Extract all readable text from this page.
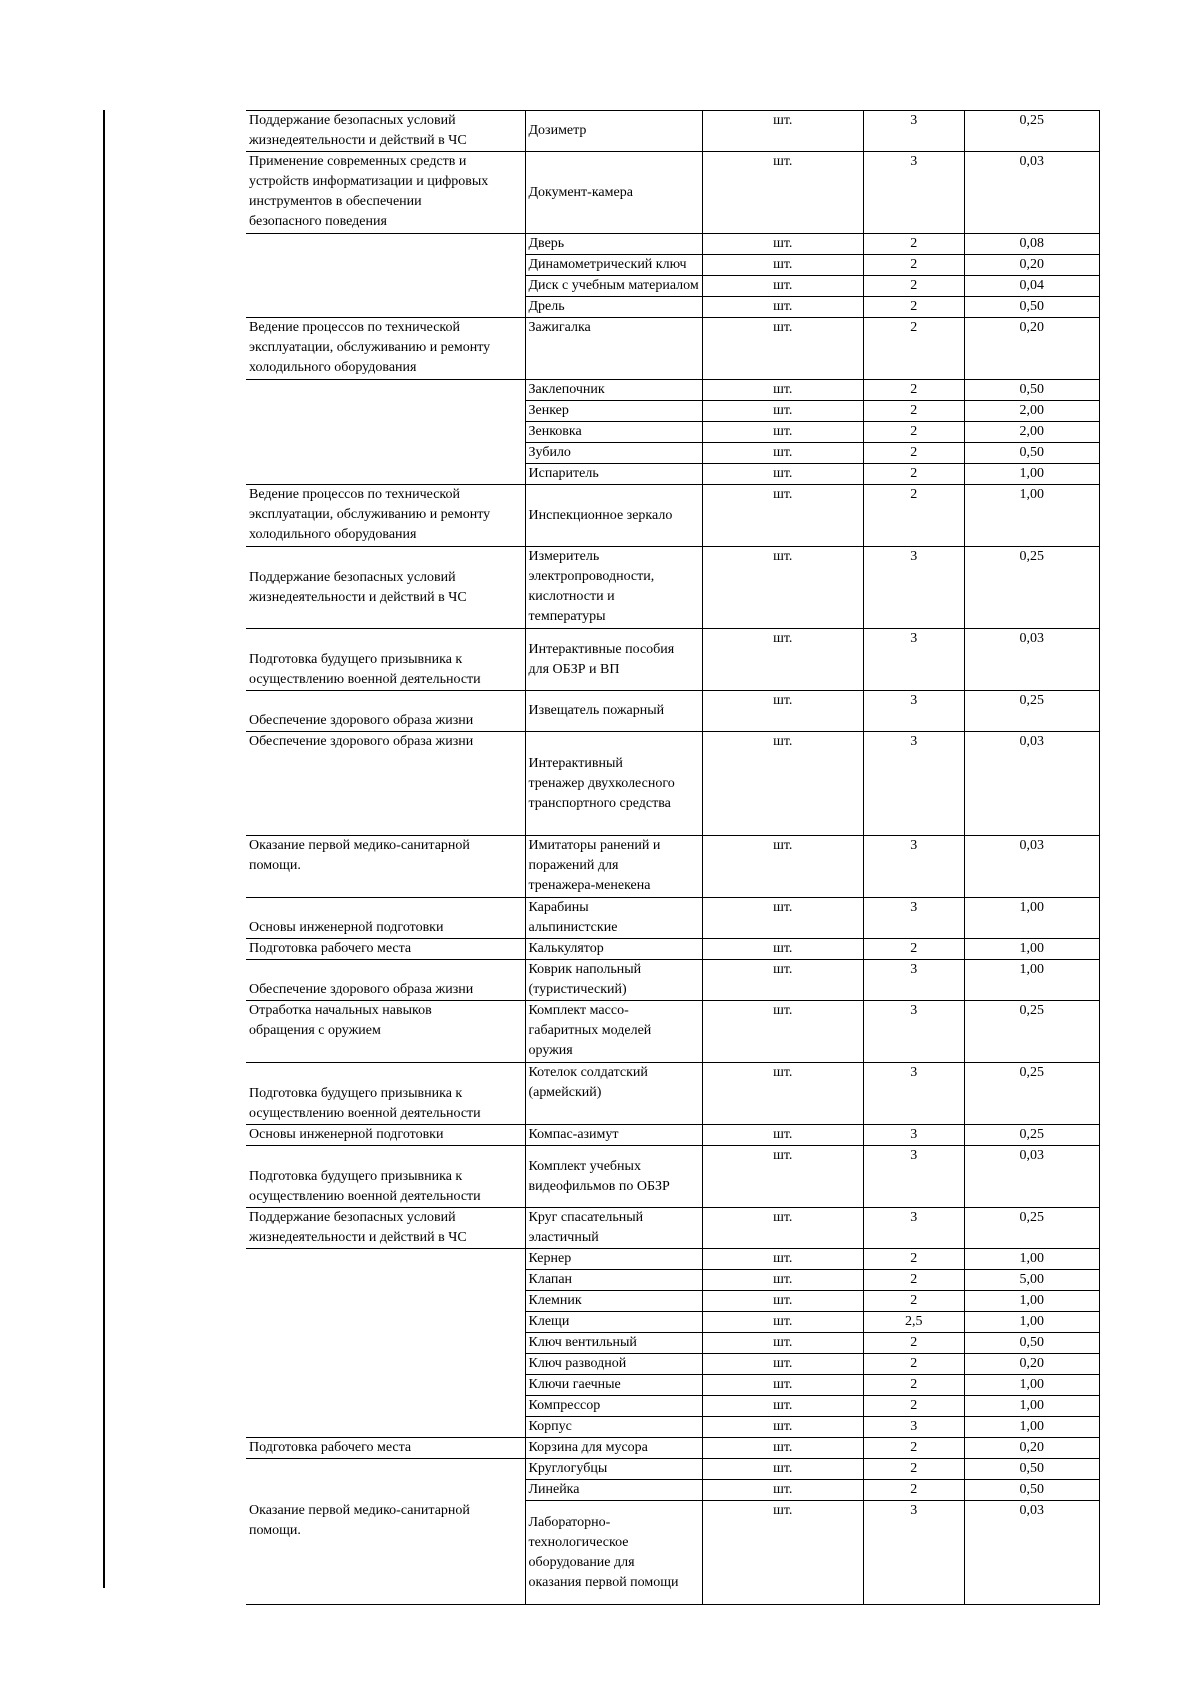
Поддержание безопасных условий
жизнедеятельности и действий в ЧС	Дозиметр	шт.	3	0,25
Применение современных средств и
устройств информатизации и цифровых
инструментов в обеспечении
безопасного поведения	Документ-камера	шт.	3	0,03

	Дверь	шт.	2	0,08

	Динамометрический ключ	шт.	2	0,20

	Диск с учебным материалом	шт.	2	0,04

	Дрель	шт.	2	0,50
Ведение процессов по технической
эксплуатации, обслуживанию и ремонту
холодильного оборудования	Зажигалка	шт.	2	0,20

	Заклепочник	шт.	2	0,50

	Зенкер	шт.	2	2,00

	Зенковка	шт.	2	2,00

	Зубило	шт.	2	0,50

	Испаритель	шт.	2	1,00
Ведение процессов по технической
эксплуатации, обслуживанию и ремонту
холодильного оборудования	Инспекционное зеркало	шт.	2	1,00
Поддержание безопасных условий
жизнедеятельности и действий в ЧС	Измеритель
электропроводности,
кислотности и
температуры	шт.	3	0,25
Подготовка будущего призывника к
осуществлению военной деятельности	Интерактивные пособия
для ОБЗР и ВП	шт.	3	0,03
Обеспечение здорового образа жизни	Извещатель пожарный	шт.	3	0,25
Обеспечение здорового образа жизни	Интерактивный
тренажер двухколесного
транспортного средства	шт.	3	0,03
Оказание первой медико-санитарной
помощи.	Имитаторы ранений и
поражений для
тренажера-менекена	шт.	3	0,03
Основы инженерной подготовки	Карабины
альпинистские	шт.	3	1,00
Подготовка рабочего места	Калькулятор	шт.	2	1,00
Обеспечение здорового образа жизни	Коврик напольный
(туристический)	шт.	3	1,00
Отработка начальных навыков
обращения с оружием	Комплект массо-
габаритных моделей
оружия	шт.	3	0,25
Подготовка будущего призывника к
осуществлению военной деятельности	Котелок солдатский
(армейский)	шт.	3	0,25
Основы инженерной подготовки	Компас-азимут	шт.	3	0,25
Подготовка будущего призывника к
осуществлению военной деятельности	Комплект учебных
видеофильмов по ОБЗР	шт.	3	0,03
Поддержание безопасных условий
жизнедеятельности и действий в ЧС	Круг спасательный
эластичный	шт.	3	0,25

	Кернер	шт.	2	1,00

	Клапан	шт.	2	5,00

	Клемник	шт.	2	1,00

	Клещи	шт.	2,5	1,00

	Ключ вентильный	шт.	2	0,50

	Ключ разводной	шт.	2	0,20

	Ключи гаечные	шт.	2	1,00

	Компрессор	шт.	2	1,00

	Корпус	шт.	3	1,00
Подготовка рабочего места	Корзина для мусора	шт.	2	0,20

	Круглогубцы	шт.	2	0,50

	Линейка	шт.	2	0,50
Оказание первой медико-санитарной
помощи.	Лабораторно-
технологическое
оборудование для
оказания первой помощи	шт.	3	0,03
